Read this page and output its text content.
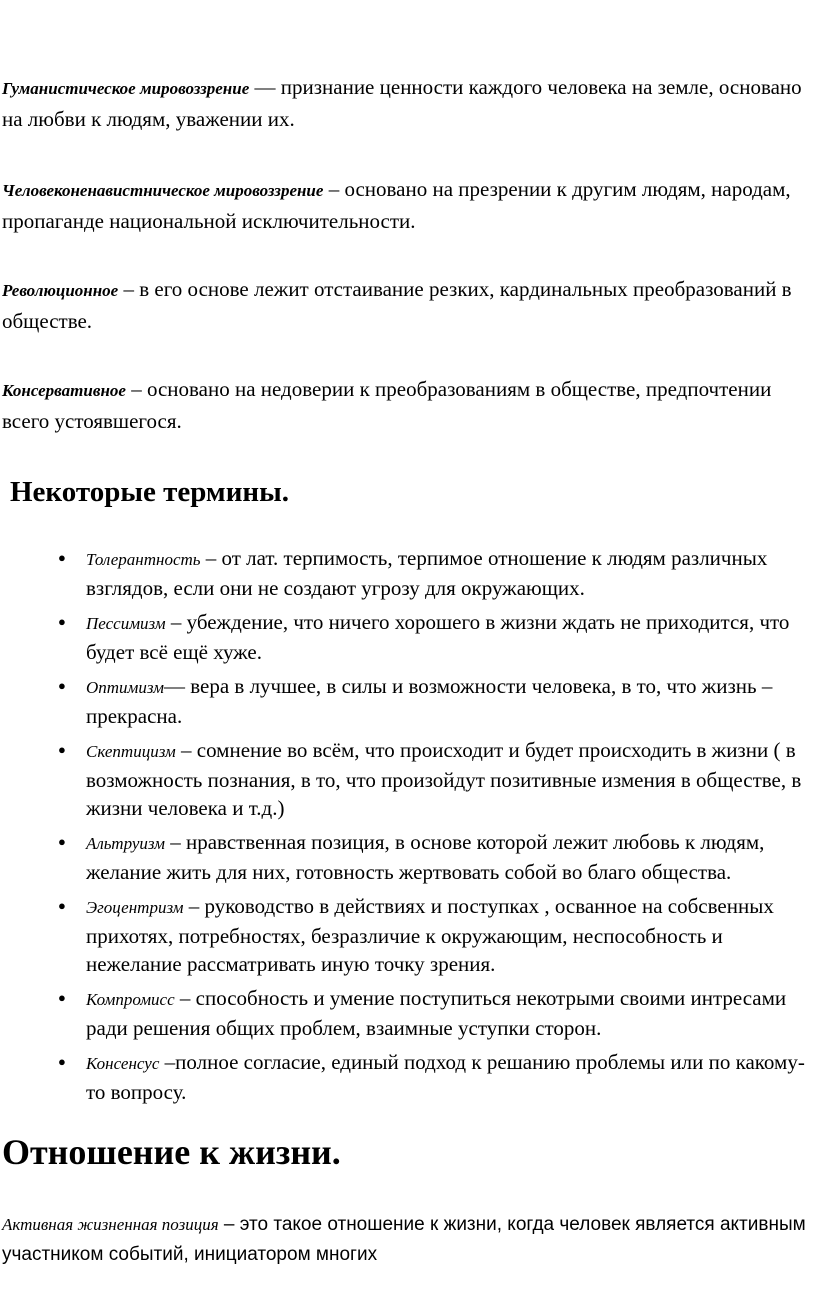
Гуманистическое мировоззрение — признание ценности каждого человека на земле, основано на любви к людям, уважении их.

Человеконенавистническое мировоззрение – основано на презрении к другим людям, народам, пропаганде национальной исключительности.

Революционное – в его основе лежит отстаивание резких, кардинальных преобразований в обществе.

Консервативное – основано на недоверии к преобразованиям в обществе, предпочтении всего устоявшегося.

Некоторые термины.
● Толерантность – от лат. терпимость, терпимое отношение к людям различных взглядов, если они не создают угрозу для окружающих.
● Пессимизм – убеждение, что ничего хорошего в жизни ждать не приходится, что будет всё ещё хуже.
● Оптимизм— вера в лучшее, в силы и возможности человека, в то, что жизнь – прекрасна.
● Скептицизм – сомнение во всём, что происходит и будет происходить в жизни ( в возможность познания, в то, что произойдут позитивные измения в обществе, в жизни человека и т.д.)
● Альтруизм – нравственная позиция, в основе которой лежит любовь к людям, желание жить для них, готовность жертвовать собой во благо общества.
● Эгоцентризм – руководство в действиях и поступках , осванное на собсвенных прихотях, потребностях, безразличие к окружающим, неспособность и нежелание рассматривать иную точку зрения.
● Компромисс – способность и умение поступиться некотрыми своими интресами ради решения общих проблем, взаимные уступки сторон.
● Консенсус –полное согласие, единый подход к решанию проблемы или по какому-то вопросу.
Отношение к жизни.

Активная жизненная позиция – это такое отношение к жизни, когда человек является активным участником событий, инициатором многих
